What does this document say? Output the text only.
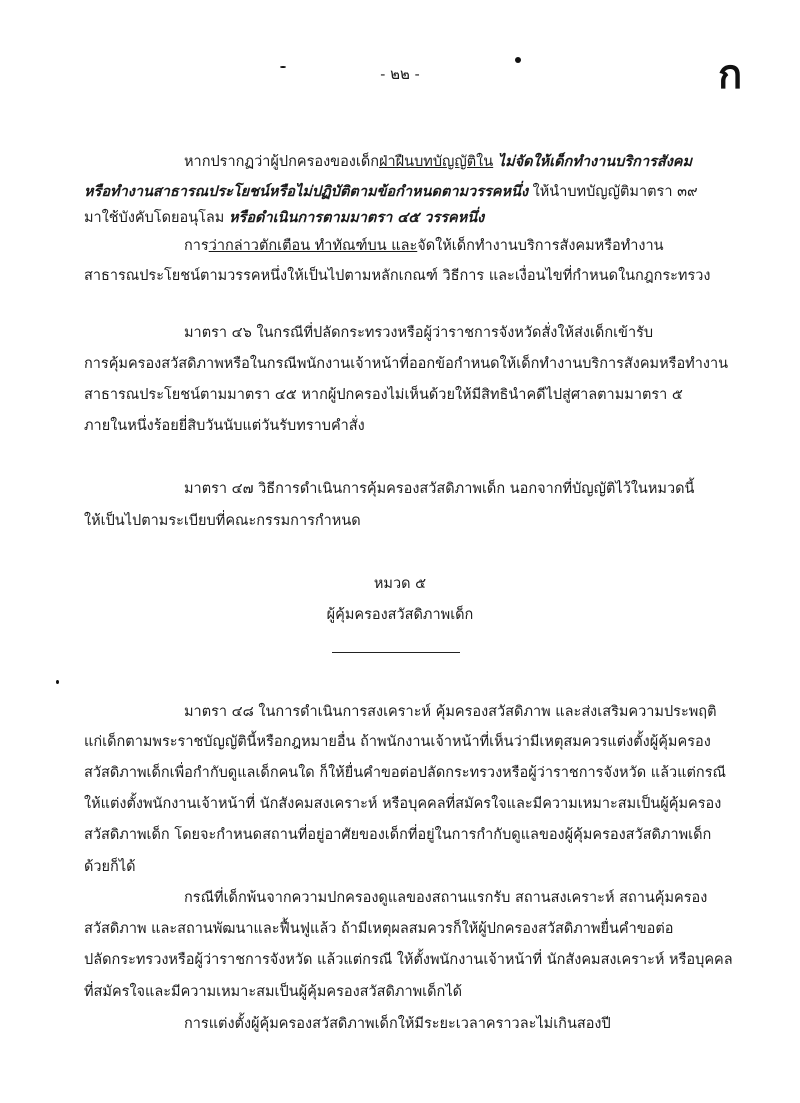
- ๒๒ -	ก
หากปรากฏว่าผู้ปกครองของเด็กฝ่าฝืนบทบัญญัติใน ไม่จัดให้เด็กทำงานบริการสังคม
หรือทำงานสาธารณประโยชน์หรือไม่ปฏิบัติตามข้อกำหนดตามวรรคหนึ่ง ให้นำบทบัญญัติมาตรา ๓๙
มาใช้บังคับโดยอนุโลม หรือดำเนินการตามมาตรา ๔๕ วรรคหนึ่ง
การว่ากล่าวตักเตือน ทำทัณฑ์บน และจัดให้เด็กทำงานบริการสังคมหรือทำงาน
สาธารณประโยชน์ตามวรรคหนึ่งให้เป็นไปตามหลักเกณฑ์ วิธีการ และเงื่อนไขที่กำหนดในกฎกระทรวง
มาตรา ๔๖ ในกรณีที่ปลัดกระทรวงหรือผู้ว่าราชการจังหวัดสั่งให้ส่งเด็กเข้ารับ
การคุ้มครองสวัสดิภาพหรือในกรณีพนักงานเจ้าหน้าที่ออกข้อกำหนดให้เด็กทำงานบริการสังคมหรือทำงาน
สาธารณประโยชน์ตามมาตรา ๔๕ หากผู้ปกครองไม่เห็นด้วยให้มีสิทธินำคดีไปสู่ศาลตามมาตรา ๕
ภายในหนึ่งร้อยยี่สิบวันนับแต่วันรับทราบคำสั่ง
มาตรา ๔๗ วิธีการดำเนินการคุ้มครองสวัสดิภาพเด็ก นอกจากที่บัญญัติไว้ในหมวดนี้
ให้เป็นไปตามระเบียบที่คณะกรรมการกำหนด
หมวด ๕
ผู้คุ้มครองสวัสดิภาพเด็ก
มาตรา ๔๘ ในการดำเนินการสงเคราะห์ คุ้มครองสวัสดิภาพ และส่งเสริมความประพฤติ
แก่เด็กตามพระราชบัญญัตินี้หรือกฎหมายอื่น ถ้าพนักงานเจ้าหน้าที่เห็นว่ามีเหตุสมควรแต่งตั้งผู้คุ้มครอง
สวัสดิภาพเด็กเพื่อกำกับดูแลเด็กคนใด ก็ให้ยื่นคำขอต่อปลัดกระทรวงหรือผู้ว่าราชการจังหวัด แล้วแต่กรณี
ให้แต่งตั้งพนักงานเจ้าหน้าที่ นักสังคมสงเคราะห์ หรือบุคคลที่สมัครใจและมีความเหมาะสมเป็นผู้คุ้มครอง
สวัสดิภาพเด็ก โดยจะกำหนดสถานที่อยู่อาศัยของเด็กที่อยู่ในการกำกับดูแลของผู้คุ้มครองสวัสดิภาพเด็ก
ด้วยก็ได้
กรณีที่เด็กพ้นจากความปกครองดูแลของสถานแรกรับ สถานสงเคราะห์ สถานคุ้มครอง
สวัสดิภาพ และสถานพัฒนาและฟื้นฟูแล้ว ถ้ามีเหตุผลสมควรก็ให้ผู้ปกครองสวัสดิภาพยื่นคำขอต่อ
ปลัดกระทรวงหรือผู้ว่าราชการจังหวัด แล้วแต่กรณี ให้ตั้งพนักงานเจ้าหน้าที่ นักสังคมสงเคราะห์ หรือบุคคล
ที่สมัครใจและมีความเหมาะสมเป็นผู้คุ้มครองสวัสดิภาพเด็กได้
การแต่งตั้งผู้คุ้มครองสวัสดิภาพเด็กให้มีระยะเวลาคราวละไม่เกินสองปี
